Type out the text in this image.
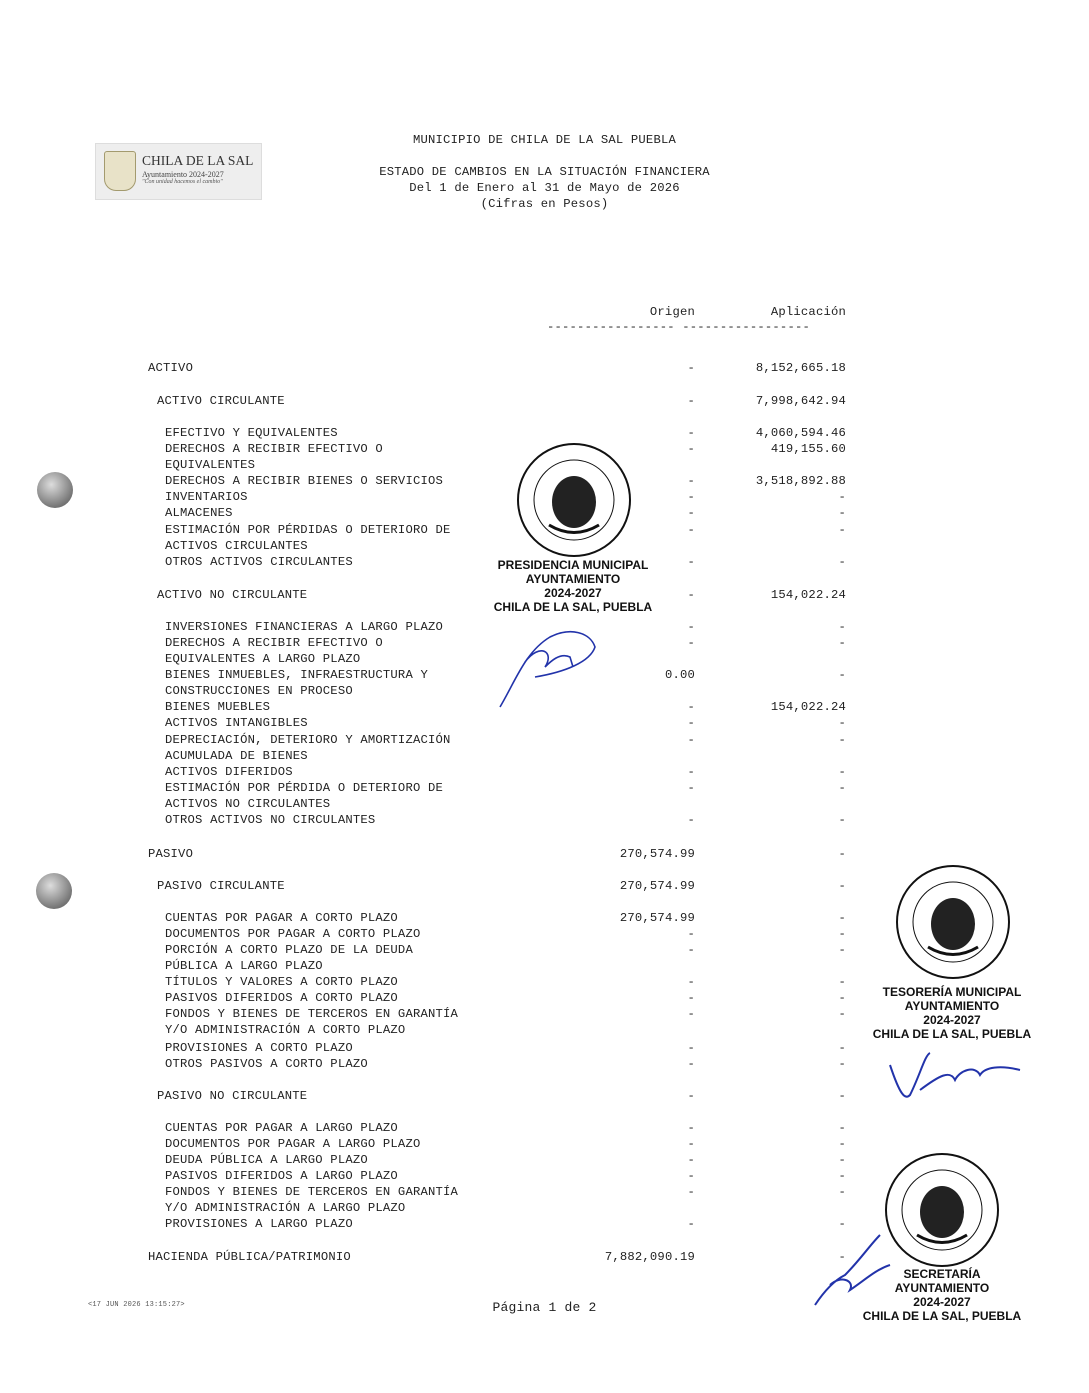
CHILA DE LA SAL
Ayuntamiento 2024-2027
"Con unidad hacemos el cambio"
MUNICIPIO DE CHILA DE LA SAL PUEBLA
ESTADO DE CAMBIOS EN LA SITUACIÓN FINANCIERA
Del 1 de Enero al 31 de Mayo de 2026
(Cifras en Pesos)
Origen	Aplicación
----------------- -----------------
ACTIVO	-	8,152,665.18
ACTIVO CIRCULANTE	-	7,998,642.94
EFECTIVO Y EQUIVALENTES	-	4,060,594.46
DERECHOS A RECIBIR EFECTIVO O	-	419,155.60
EQUIVALENTES
DERECHOS A RECIBIR BIENES O SERVICIOS	-	3,518,892.88
INVENTARIOS	-	-
ALMACENES	-	-
ESTIMACIÓN POR PÉRDIDAS O DETERIORO DE	-	-
ACTIVOS CIRCULANTES
OTROS ACTIVOS CIRCULANTES	-	-
ACTIVO NO CIRCULANTE	-	154,022.24
INVERSIONES FINANCIERAS A LARGO PLAZO	-	-
DERECHOS A RECIBIR EFECTIVO O	-	-
EQUIVALENTES A LARGO PLAZO
BIENES INMUEBLES, INFRAESTRUCTURA Y	0.00	-
CONSTRUCCIONES EN PROCESO
BIENES MUEBLES	-	154,022.24
ACTIVOS INTANGIBLES	-	-
DEPRECIACIÓN, DETERIORO Y AMORTIZACIÓN	-	-
ACUMULADA DE BIENES
ACTIVOS DIFERIDOS	-	-
ESTIMACIÓN POR PÉRDIDA O DETERIORO DE	-	-
ACTIVOS NO CIRCULANTES
OTROS ACTIVOS NO CIRCULANTES	-	-
PASIVO	270,574.99	-
PASIVO CIRCULANTE	270,574.99	-
CUENTAS POR PAGAR A CORTO PLAZO	270,574.99	-
DOCUMENTOS POR PAGAR A CORTO PLAZO	-	-
PORCIÓN A CORTO PLAZO DE LA DEUDA	-	-
PÚBLICA A LARGO PLAZO
TÍTULOS Y VALORES A CORTO PLAZO	-	-
PASIVOS DIFERIDOS A CORTO PLAZO	-	-
FONDOS Y BIENES DE TERCEROS EN GARANTÍA	-	-
Y/O ADMINISTRACIÓN A CORTO PLAZO
PROVISIONES A CORTO PLAZO	-	-
OTROS PASIVOS A CORTO PLAZO	-	-
PASIVO NO CIRCULANTE	-	-
CUENTAS POR PAGAR A LARGO PLAZO	-	-
DOCUMENTOS POR PAGAR A LARGO PLAZO	-	-
DEUDA PÚBLICA A LARGO PLAZO	-	-
PASIVOS DIFERIDOS A LARGO PLAZO	-	-
FONDOS Y BIENES DE TERCEROS EN GARANTÍA	-	-
Y/O ADMINISTRACIÓN A LARGO PLAZO
PROVISIONES A LARGO PLAZO	-	-
HACIENDA PÚBLICA/PATRIMONIO	7,882,090.19	-
PRESIDENCIA MUNICIPAL
AYUNTAMIENTO
2024-2027
CHILA DE LA SAL, PUEBLA
TESORERÍA MUNICIPAL
AYUNTAMIENTO
2024-2027
CHILA DE LA SAL, PUEBLA
SECRETARÍA
AYUNTAMIENTO
2024-2027
CHILA DE LA SAL, PUEBLA
<17 JUN 2026 13:15:27>	Página 1 de 2
